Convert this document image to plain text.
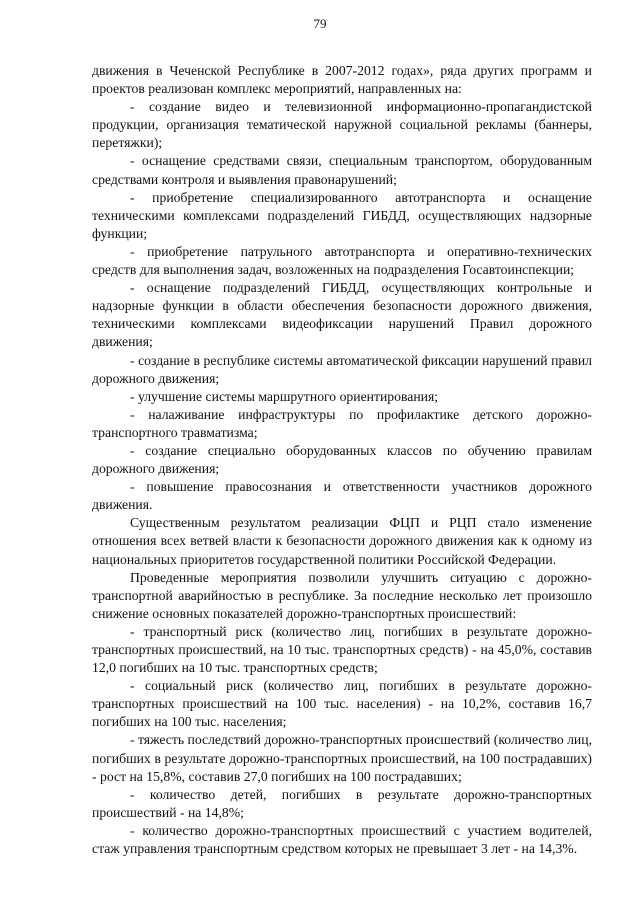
79

движения в Чеченской Республике в 2007-2012 годах», ряда других программ и проектов реализован комплекс мероприятий, направленных на:

- создание видео и телевизионной информационно-пропагандистской продукции, организация тематической наружной социальной рекламы (баннеры, перетяжки);

- оснащение средствами связи, специальным транспортом, оборудованным средствами контроля и выявления правонарушений;

- приобретение специализированного автотранспорта и оснащение техническими комплексами подразделений ГИБДД, осуществляющих надзорные функции;

- приобретение патрульного автотранспорта и оперативно-технических средств для выполнения задач, возложенных на подразделения Госавтоинспекции;

- оснащение подразделений ГИБДД, осуществляющих контрольные и надзорные функции в области обеспечения безопасности дорожного движения, техническими комплексами видеофиксации нарушений Правил дорожного движения;

- создание в республике системы автоматической фиксации нарушений правил дорожного движения;

- улучшение системы маршрутного ориентирования;

- налаживание инфраструктуры по профилактике детского дорожно-транспортного травматизма;

- создание специально оборудованных классов по обучению правилам дорожного движения;

- повышение правосознания и ответственности участников дорожного движения.

Существенным результатом реализации ФЦП и РЦП стало изменение отношения всех ветвей власти к безопасности дорожного движения как к одному из национальных приоритетов государственной политики Российской Федерации.

Проведенные мероприятия позволили улучшить ситуацию с дорожно-транспортной аварийностью в республике. За последние несколько лет произошло снижение основных показателей дорожно-транспортных происшествий:

- транспортный риск (количество лиц, погибших в результате дорожно-транспортных происшествий, на 10 тыс. транспортных средств) - на 45,0%, составив 12,0 погибших на 10 тыс. транспортных средств;

- социальный риск (количество лиц, погибших в результате дорожно-транспортных происшествий на 100 тыс. населения) - на 10,2%, составив 16,7 погибших на 100 тыс. населения;

- тяжесть последствий дорожно-транспортных происшествий (количество лиц, погибших в результате дорожно-транспортных происшествий, на 100 пострадавших) - рост на 15,8%, составив 27,0 погибших на 100 пострадавших;

- количество детей, погибших в результате дорожно-транспортных происшествий - на 14,8%;

- количество дорожно-транспортных происшествий с участием водителей, стаж управления транспортным средством которых не превышает 3 лет - на 14,3%.
